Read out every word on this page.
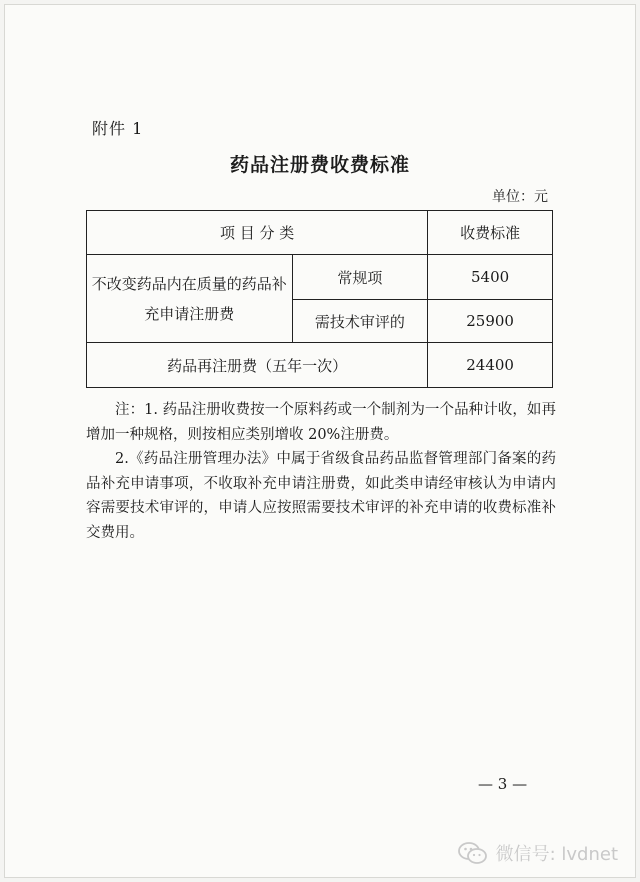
附件 1
药品注册费收费标准
单位：元
项 目 分 类		收费标准
不改变药品内在质量的药品补充申请注册费	常规项	5400
	需技术审评的	25900
药品再注册费（五年一次）		24400

注：1. 药品注册收费按一个原料药或一个制剂为一个品种计收，如再增加一种规格，则按相应类别增收 20%注册费。

2.《药品注册管理办法》中属于省级食品药品监督管理部门备案的药品补充申请事项，不收取补充申请注册费，如此类申请经审核认为申请内容需要技术审评的，申请人应按照需要技术审评的补充申请的收费标准补交费用。

— 3 —
微信号: lvdnet
